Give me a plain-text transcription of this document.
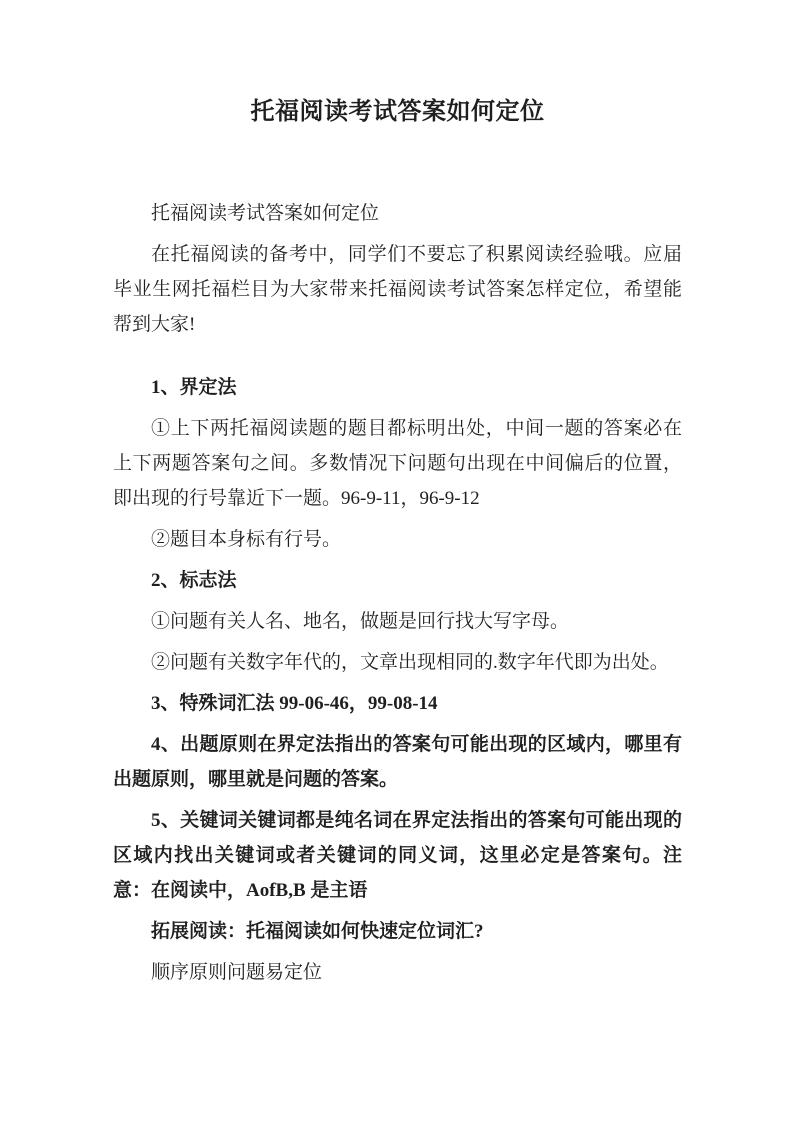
托福阅读考试答案如何定位

托福阅读考试答案如何定位

在托福阅读的备考中，同学们不要忘了积累阅读经验哦。应届毕业生网托福栏目为大家带来托福阅读考试答案怎样定位，希望能帮到大家!

1、界定法

①上下两托福阅读题的题目都标明出处，中间一题的答案必在上下两题答案句之间。多数情况下问题句出现在中间偏后的位置，即出现的行号靠近下一题。96-9-11，96-9-12

②题目本身标有行号。

2、标志法

①问题有关人名、地名，做题是回行找大写字母。

②问题有关数字年代的，文章出现相同的.数字年代即为出处。

3、特殊词汇法 99-06-46，99-08-14

4、出题原则在界定法指出的答案句可能出现的区域内，哪里有出题原则，哪里就是问题的答案。

5、关键词关键词都是纯名词在界定法指出的答案句可能出现的区域内找出关键词或者关键词的同义词，这里必定是答案句。注意：在阅读中，AofB,B 是主语

拓展阅读：托福阅读如何快速定位词汇?

顺序原则问题易定位
